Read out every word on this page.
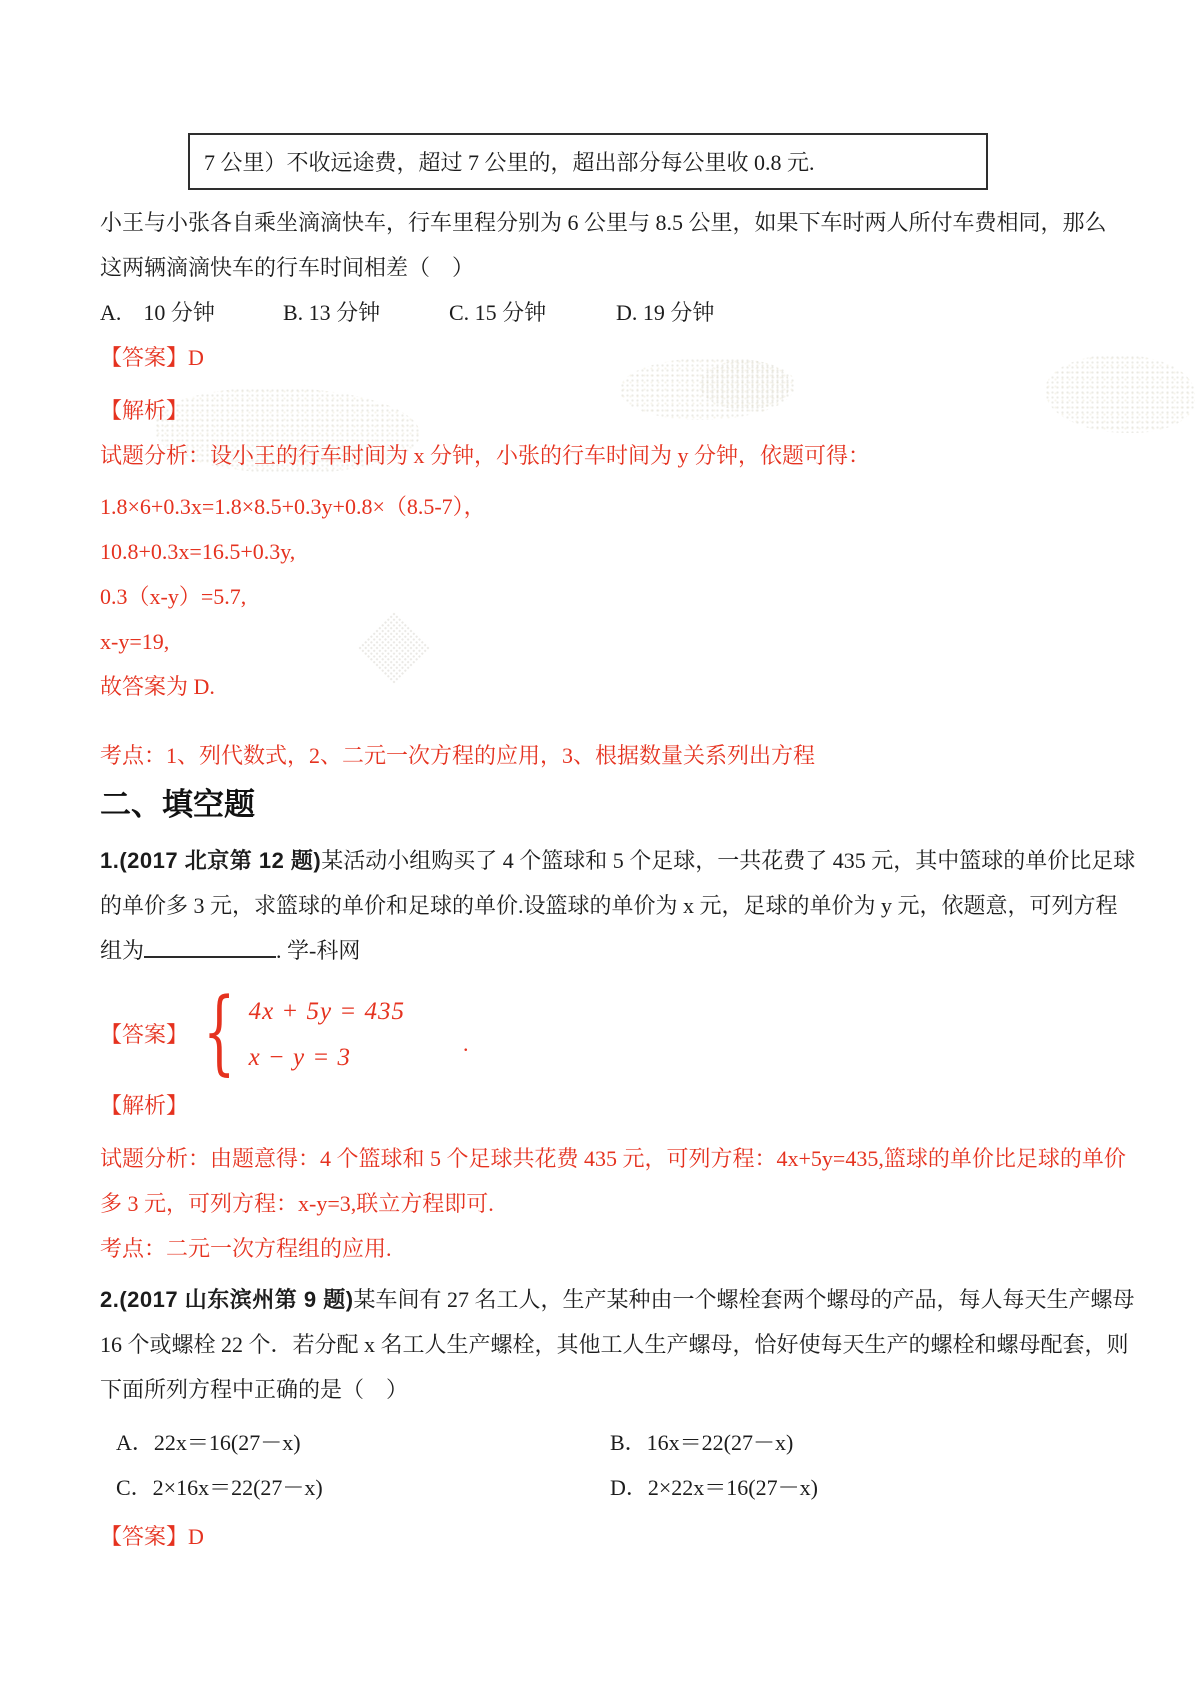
7 公里）不收远途费，超过 7 公里的，超出部分每公里收 0.8 元.
小王与小张各自乘坐滴滴快车，行车里程分别为 6 公里与 8.5 公里，如果下车时两人所付车费相同，那么
这两辆滴滴快车的行车时间相差（　）
A.　10 分钟	B. 13 分钟	C. 15 分钟	D. 19 分钟
【答案】D
【解析】
试题分析：设小王的行车时间为 x 分钟，小张的行车时间为 y 分钟，依题可得：
1.8×6+0.3x=1.8×8.5+0.3y+0.8×（8.5-7），
10.8+0.3x=16.5+0.3y,
0.3（x-y）=5.7,
x-y=19,
故答案为 D.
考点：1、列代数式，2、二元一次方程的应用，3、根据数量关系列出方程
二、填空题
1.(2017 北京第 12 题)某活动小组购买了 4 个篮球和 5 个足球，一共花费了 435 元，其中篮球的单价比足球
的单价多 3 元，求篮球的单价和足球的单价.设篮球的单价为 x 元，足球的单价为 y 元，依题意，可列方程
组为	. 学-科网
【答案】 { 4x + 5y = 435
x − y = 3
.
【解析】
试题分析：由题意得：4 个篮球和 5 个足球共花费 435 元，可列方程：4x+5y=435,篮球的单价比足球的单价
多 3 元，可列方程：x-y=3,联立方程即可.
考点：二元一次方程组的应用.
2.(2017 山东滨州第 9 题)某车间有 27 名工人，生产某种由一个螺栓套两个螺母的产品，每人每天生产螺母
16 个或螺栓 22 个．若分配 x 名工人生产螺栓，其他工人生产螺母，恰好使每天生产的螺栓和螺母配套，则
下面所列方程中正确的是（　）
A．22x＝16(27－x)	B．16x＝22(27－x)
C．2×16x＝22(27－x)	D．2×22x＝16(27－x)
【答案】D
